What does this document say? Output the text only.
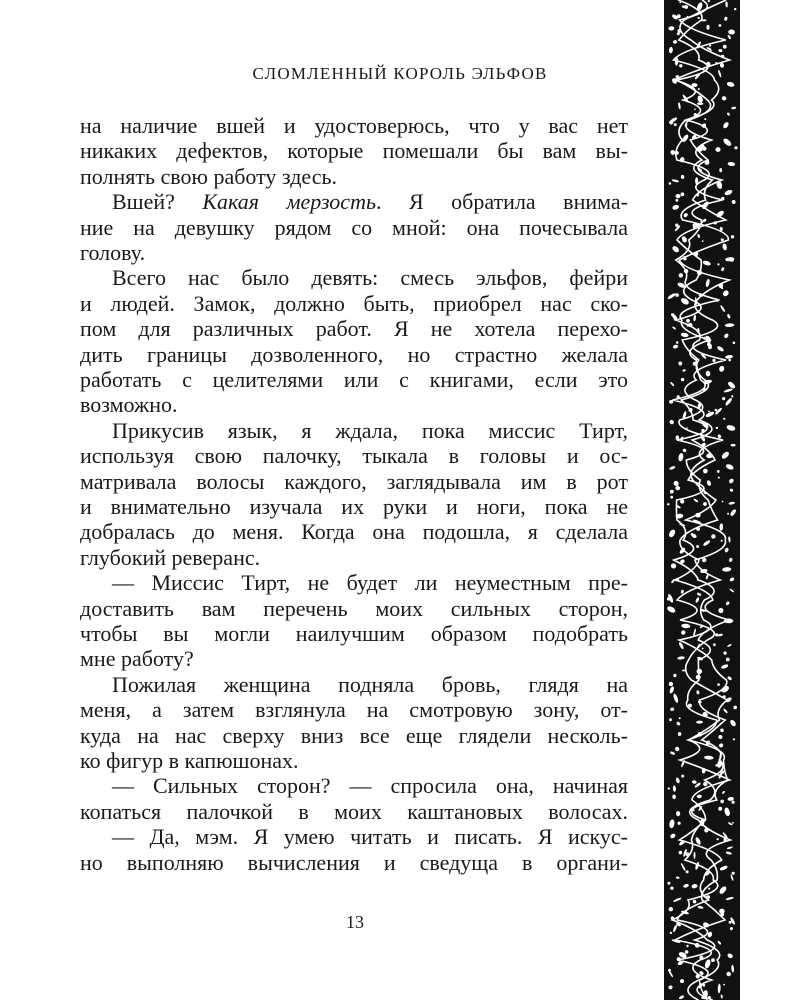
СЛОМЛЕННЫЙ КОРОЛЬ ЭЛЬФОВ
на наличие вшей и удостоверюсь, что у вас нет
никаких дефектов, которые помешали бы вам вы-
полнять свою работу здесь.
Вшей? Какая мерзость. Я обратила внима-
ние на девушку рядом со мной: она почесывала
голову.
Всего нас было девять: смесь эльфов, фейри
и людей. Замок, должно быть, приобрел нас ско-
пом для различных работ. Я не хотела перехо-
дить границы дозволенного, но страстно желала
работать с целителями или с книгами, если это
возможно.
Прикусив язык, я ждала, пока миссис Тирт,
используя свою палочку, тыкала в головы и ос-
матривала волосы каждого, заглядывала им в рот
и внимательно изучала их руки и ноги, пока не
добралась до меня. Когда она подошла, я сделала
глубокий реверанс.
— Миссис Тирт, не будет ли неуместным пре-
доставить вам перечень моих сильных сторон,
чтобы вы могли наилучшим образом подобрать
мне работу?
Пожилая женщина подняла бровь, глядя на
меня, а затем взглянула на смотровую зону, от-
куда на нас сверху вниз все еще глядели несколь-
ко фигур в капюшонах.
— Сильных сторон? — спросила она, начиная
копаться палочкой в моих каштановых волосах.
— Да, мэм. Я умею читать и писать. Я искус-
но выполняю вычисления и сведуща в органи-
13
